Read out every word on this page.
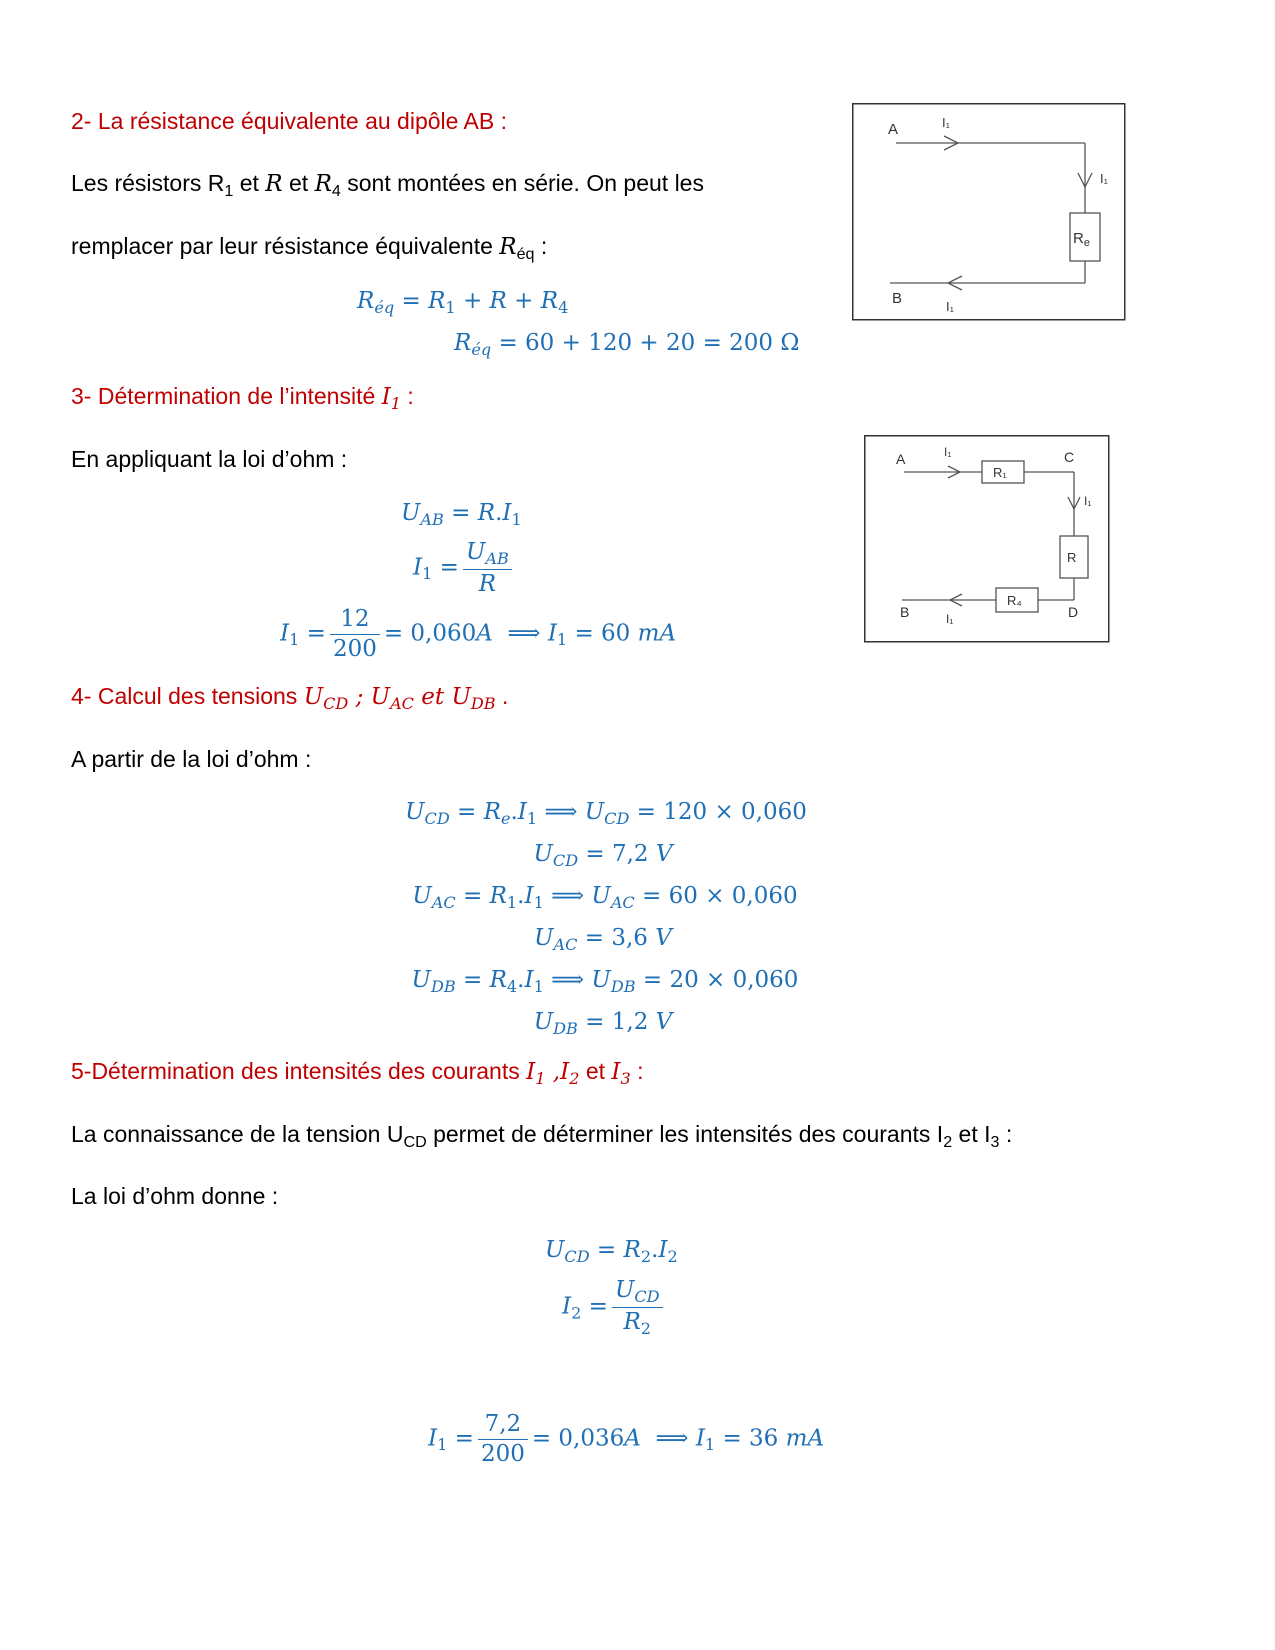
2- La résistance équivalente au dipôle AB :
Les résistors $R_1$ et R et $R_4$ sont montées en série. On peut les
remplacer par leur résistance équivalente $R_{éq}$ :
$R_{éq} = R_1 + R + R_4$
$R_{éq} = 60 + 120 + 20 = 200$ Ω
A
B
I₁
I₁
I₁
$R_e$
3- Détermination de l’intensité $I_1$ :
En appliquant la loi d’ohm :
$U_{AB} = R.I_1$
$I_1 = \frac{U_{AB}}{R}$
$I_1 = \frac{12}{200} = 0,060A$  ⟹ $I_1 = 60$ mA
A
B
C
D
I₁
I₁
I₁
R₁
R
R₄
4- Calcul des tensions $U_{CD}$ ; $U_{AC}$ et $U_{DB}$ .
A partir de la loi d’ohm :
$U_{CD} = R_e.I_1$ ⟹ $U_{CD} = 120 \times 0,060$
$U_{CD} = 7,2$ V
$U_{AC} = R_1.I_1$ ⟹ $U_{AC} = 60 \times 0,060$
$U_{AC} = 3,6$ V
$U_{DB} = R_4.I_1$ ⟹ $U_{DB} = 20 \times 0,060$
$U_{DB} = 1,2$ V
5-Détermination des intensités des courants $I_1$ $,I_2$ et $I_3$ :
La connaissance de la tension $U_{CD}$ permet de déterminer les intensités des courants $I_2$ et $I_3$ :
La loi d’ohm donne :
$U_{CD} = R_2.I_2$
$I_2 = \frac{U_{CD}}{R_2}$
$I_1 = \frac{7,2}{200} = 0,036A$  ⟹ $I_1 = 36$ mA
